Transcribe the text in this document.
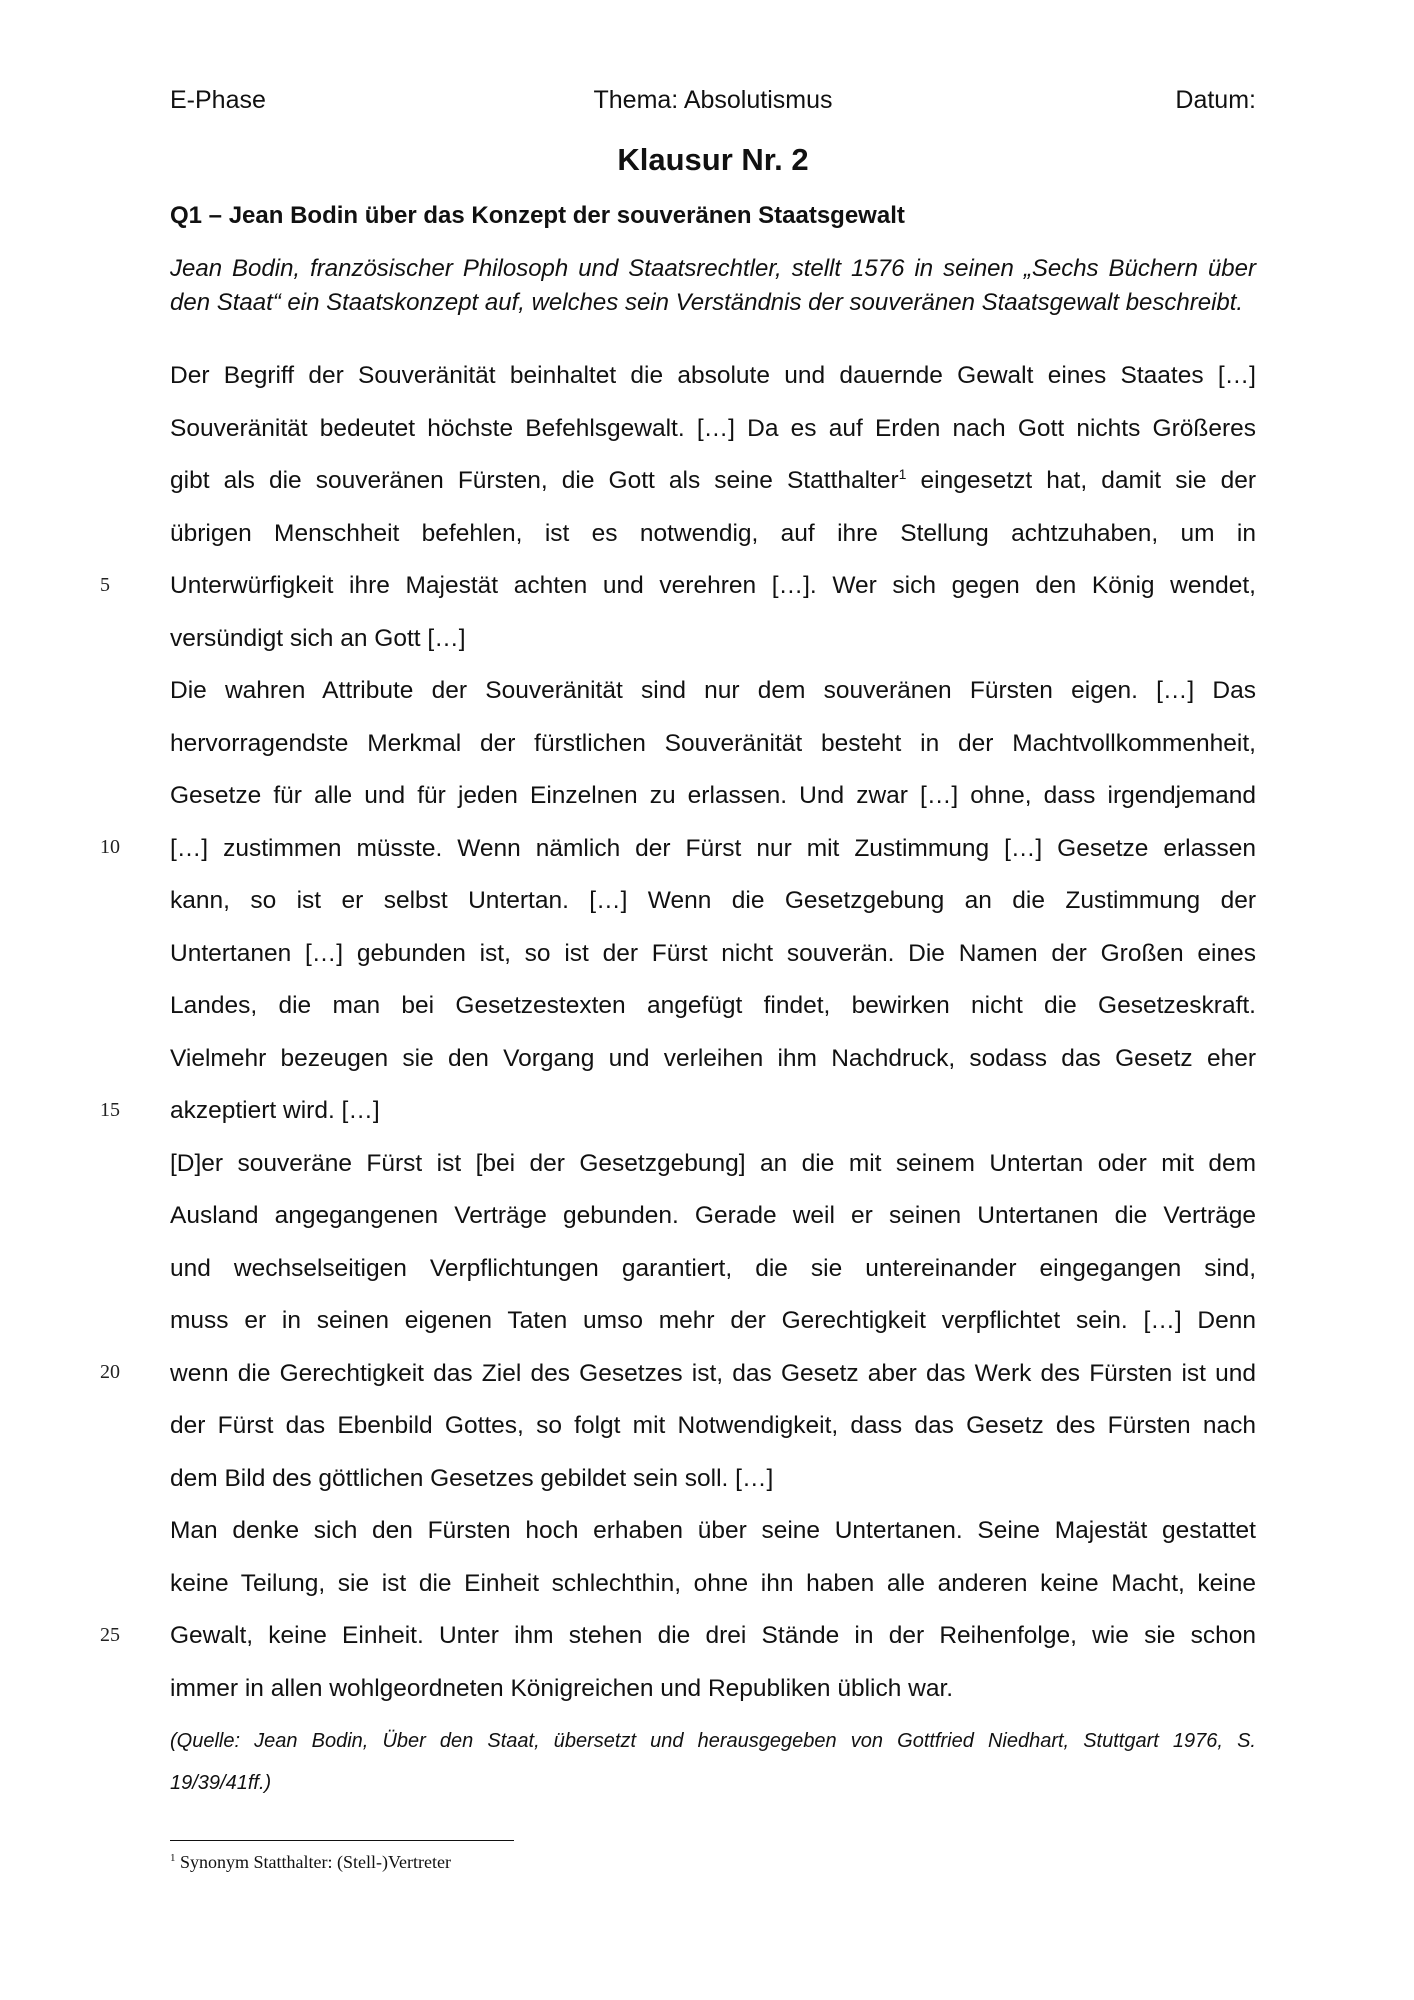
E-Phase	Thema: Absolutismus	Datum:
Klausur Nr. 2
Q1 – Jean Bodin über das Konzept der souveränen Staatsgewalt
Jean Bodin, französischer Philosoph und Staatsrechtler, stellt 1576 in seinen „Sechs Büchern über den Staat“ ein Staatskonzept auf, welches sein Verständnis der souveränen Staatsgewalt beschreibt.
Der Begriff der Souveränität beinhaltet die absolute und dauernde Gewalt eines Staates […]
Souveränität bedeutet höchste Befehlsgewalt. […] Da es auf Erden nach Gott nichts Größeres
gibt als die souveränen Fürsten, die Gott als seine Statthalter$^1$ eingesetzt hat, damit sie der
übrigen Menschheit befehlen, ist es notwendig, auf ihre Stellung achtzuhaben, um in
Unterwürfigkeit ihre Majestät achten und verehren […]. Wer sich gegen den König wendet,
versündigt sich an Gott […]
Die wahren Attribute der Souveränität sind nur dem souveränen Fürsten eigen. […] Das
hervorragendste Merkmal der fürstlichen Souveränität besteht in der Machtvollkommenheit,
Gesetze für alle und für jeden Einzelnen zu erlassen. Und zwar […] ohne, dass irgendjemand
[…] zustimmen müsste. Wenn nämlich der Fürst nur mit Zustimmung […] Gesetze erlassen
kann, so ist er selbst Untertan. […] Wenn die Gesetzgebung an die Zustimmung der
Untertanen […] gebunden ist, so ist der Fürst nicht souverän. Die Namen der Großen eines
Landes, die man bei Gesetzestexten angefügt findet, bewirken nicht die Gesetzeskraft.
Vielmehr bezeugen sie den Vorgang und verleihen ihm Nachdruck, sodass das Gesetz eher
akzeptiert wird. […]
[D]er souveräne Fürst ist [bei der Gesetzgebung] an die mit seinem Untertan oder mit dem
Ausland angegangenen Verträge gebunden. Gerade weil er seinen Untertanen die Verträge
und wechselseitigen Verpflichtungen garantiert, die sie untereinander eingegangen sind,
muss er in seinen eigenen Taten umso mehr der Gerechtigkeit verpflichtet sein. […] Denn
wenn die Gerechtigkeit das Ziel des Gesetzes ist, das Gesetz aber das Werk des Fürsten ist und
der Fürst das Ebenbild Gottes, so folgt mit Notwendigkeit, dass das Gesetz des Fürsten nach
dem Bild des göttlichen Gesetzes gebildet sein soll. […]
Man denke sich den Fürsten hoch erhaben über seine Untertanen. Seine Majestät gestattet
keine Teilung, sie ist die Einheit schlechthin, ohne ihn haben alle anderen keine Macht, keine
Gewalt, keine Einheit. Unter ihm stehen die drei Stände in der Reihenfolge, wie sie schon
immer in allen wohlgeordneten Königreichen und Republiken üblich war.
5
10
15
20
25
(Quelle: Jean Bodin, Über den Staat, übersetzt und herausgegeben von Gottfried Niedhart, Stuttgart 1976, S.
19/39/41ff.)
$^1$ Synonym Statthalter: (Stell-)Vertreter
